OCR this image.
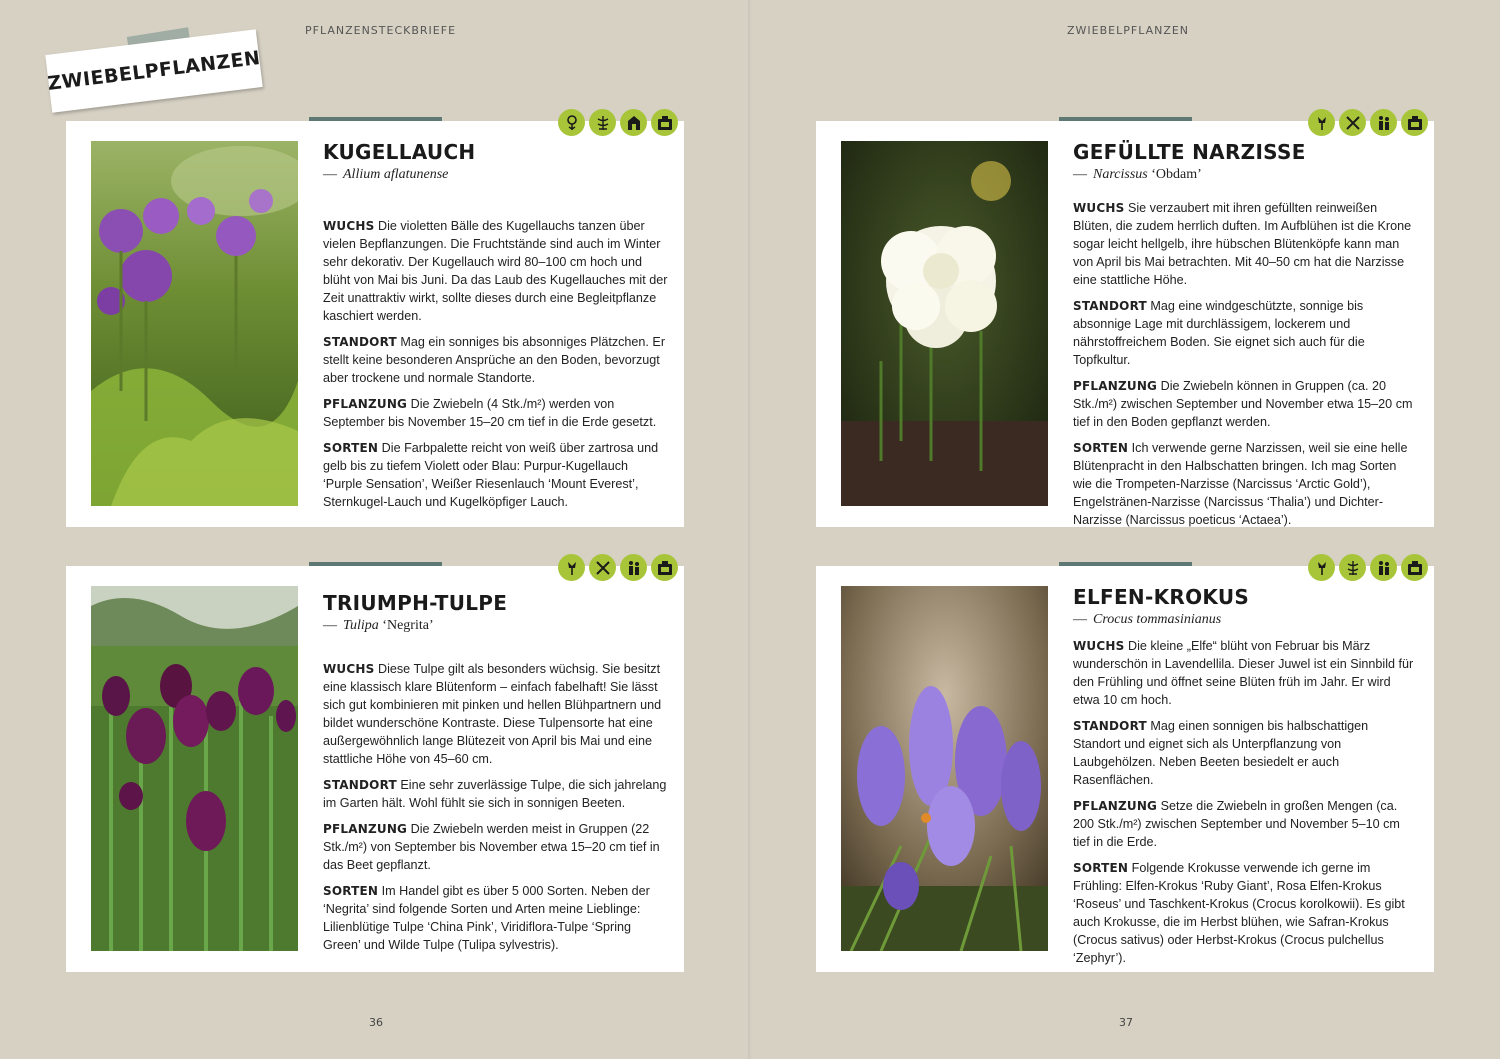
PFLANZENSTECKBRIEFE	ZWIEBELPFLANZEN
ZWIEBELPFLANZEN
KUGELLAUCH
— Allium aflatunense

WUCHS Die violetten Bälle des Kugellauchs tanzen über vielen Bepflanzungen. Die Fruchtstände sind auch im Winter sehr dekorativ. Der Kugellauch wird 80–100 cm hoch und blüht von Mai bis Juni. Da das Laub des Kugellauches mit der Zeit unattraktiv wirkt, sollte dieses durch eine Begleitpflanze kaschiert werden.

STANDORT Mag ein sonniges bis absonniges Plätzchen. Er stellt keine besonderen Ansprüche an den Boden, bevorzugt aber trockene und normale Standorte.

PFLANZUNG Die Zwiebeln (4 Stk./m²) werden von September bis November 15–20 cm tief in die Erde gesetzt.

SORTEN Die Farbpalette reicht von weiß über zartrosa und gelb bis zu tiefem Violett oder Blau: Purpur-Kugellauch ‘Purple Sensation’, Weißer Riesenlauch ‘Mount Everest’, Sternkugel-Lauch und Kugelköpfiger Lauch.

GEFÜLLTE NARZISSE
— Narcissus ‘Obdam’

WUCHS Sie verzaubert mit ihren gefüllten reinweißen Blüten, die zudem herrlich duften. Im Aufblühen ist die Krone sogar leicht hellgelb, ihre hübschen Blütenköpfe kann man von April bis Mai betrachten. Mit 40–50 cm hat die Narzisse eine stattliche Höhe.

STANDORT Mag eine windgeschützte, sonnige bis absonnige Lage mit durchlässigem, lockerem und nährstoffreichem Boden. Sie eignet sich auch für die Topfkultur.

PFLANZUNG Die Zwiebeln können in Gruppen (ca. 20 Stk./m²) zwischen September und November etwa 15–20 cm tief in den Boden gepflanzt werden.

SORTEN Ich verwende gerne Narzissen, weil sie eine helle Blütenpracht in den Halbschatten bringen. Ich mag Sorten wie die Trompeten-Narzisse (Narcissus ‘Arctic Gold’), Engelstränen-Narzisse (Narcissus ‘Thalia’) und Dichter-Narzisse (Narcissus poeticus ‘Actaea’).

TRIUMPH-TULPE
— Tulipa ‘Negrita’

WUCHS Diese Tulpe gilt als besonders wüchsig. Sie besitzt eine klassisch klare Blütenform – einfach fabelhaft! Sie lässt sich gut kombinieren mit pinken und hellen Blühpartnern und bildet wunderschöne Kontraste. Diese Tulpensorte hat eine außergewöhnlich lange Blütezeit von April bis Mai und eine stattliche Höhe von 45–60 cm.

STANDORT Eine sehr zuverlässige Tulpe, die sich jahrelang im Garten hält. Wohl fühlt sie sich in sonnigen Beeten.

PFLANZUNG Die Zwiebeln werden meist in Gruppen (22 Stk./m²) von September bis November etwa 15–20 cm tief in das Beet gepflanzt.

SORTEN Im Handel gibt es über 5 000 Sorten. Neben der ‘Negrita’ sind folgende Sorten und Arten meine Lieblinge: Lilienblütige Tulpe ‘China Pink’, Viridiflora-Tulpe ‘Spring Green’ und Wilde Tulpe (Tulipa sylvestris).

ELFEN-KROKUS
— Crocus tommasinianus

WUCHS Die kleine „Elfe“ blüht von Februar bis März wunderschön in Lavendellila. Dieser Juwel ist ein Sinnbild für den Frühling und öffnet seine Blüten früh im Jahr. Er wird etwa 10 cm hoch.

STANDORT Mag einen sonnigen bis halbschattigen Standort und eignet sich als Unterpflanzung von Laubgehölzen. Neben Beeten besiedelt er auch Rasenflächen.

PFLANZUNG Setze die Zwiebeln in großen Mengen (ca. 200 Stk./m²) zwischen September und November 5–10 cm tief in die Erde.

SORTEN Folgende Krokusse verwende ich gerne im Frühling: Elfen-Krokus ‘Ruby Giant’, Rosa Elfen-Krokus ‘Roseus’ und Taschkent-Krokus (Crocus korolkowii). Es gibt auch Krokusse, die im Herbst blühen, wie Safran-Krokus (Crocus sativus) oder Herbst-Krokus (Crocus pulchellus ‘Zephyr’).

36	37
